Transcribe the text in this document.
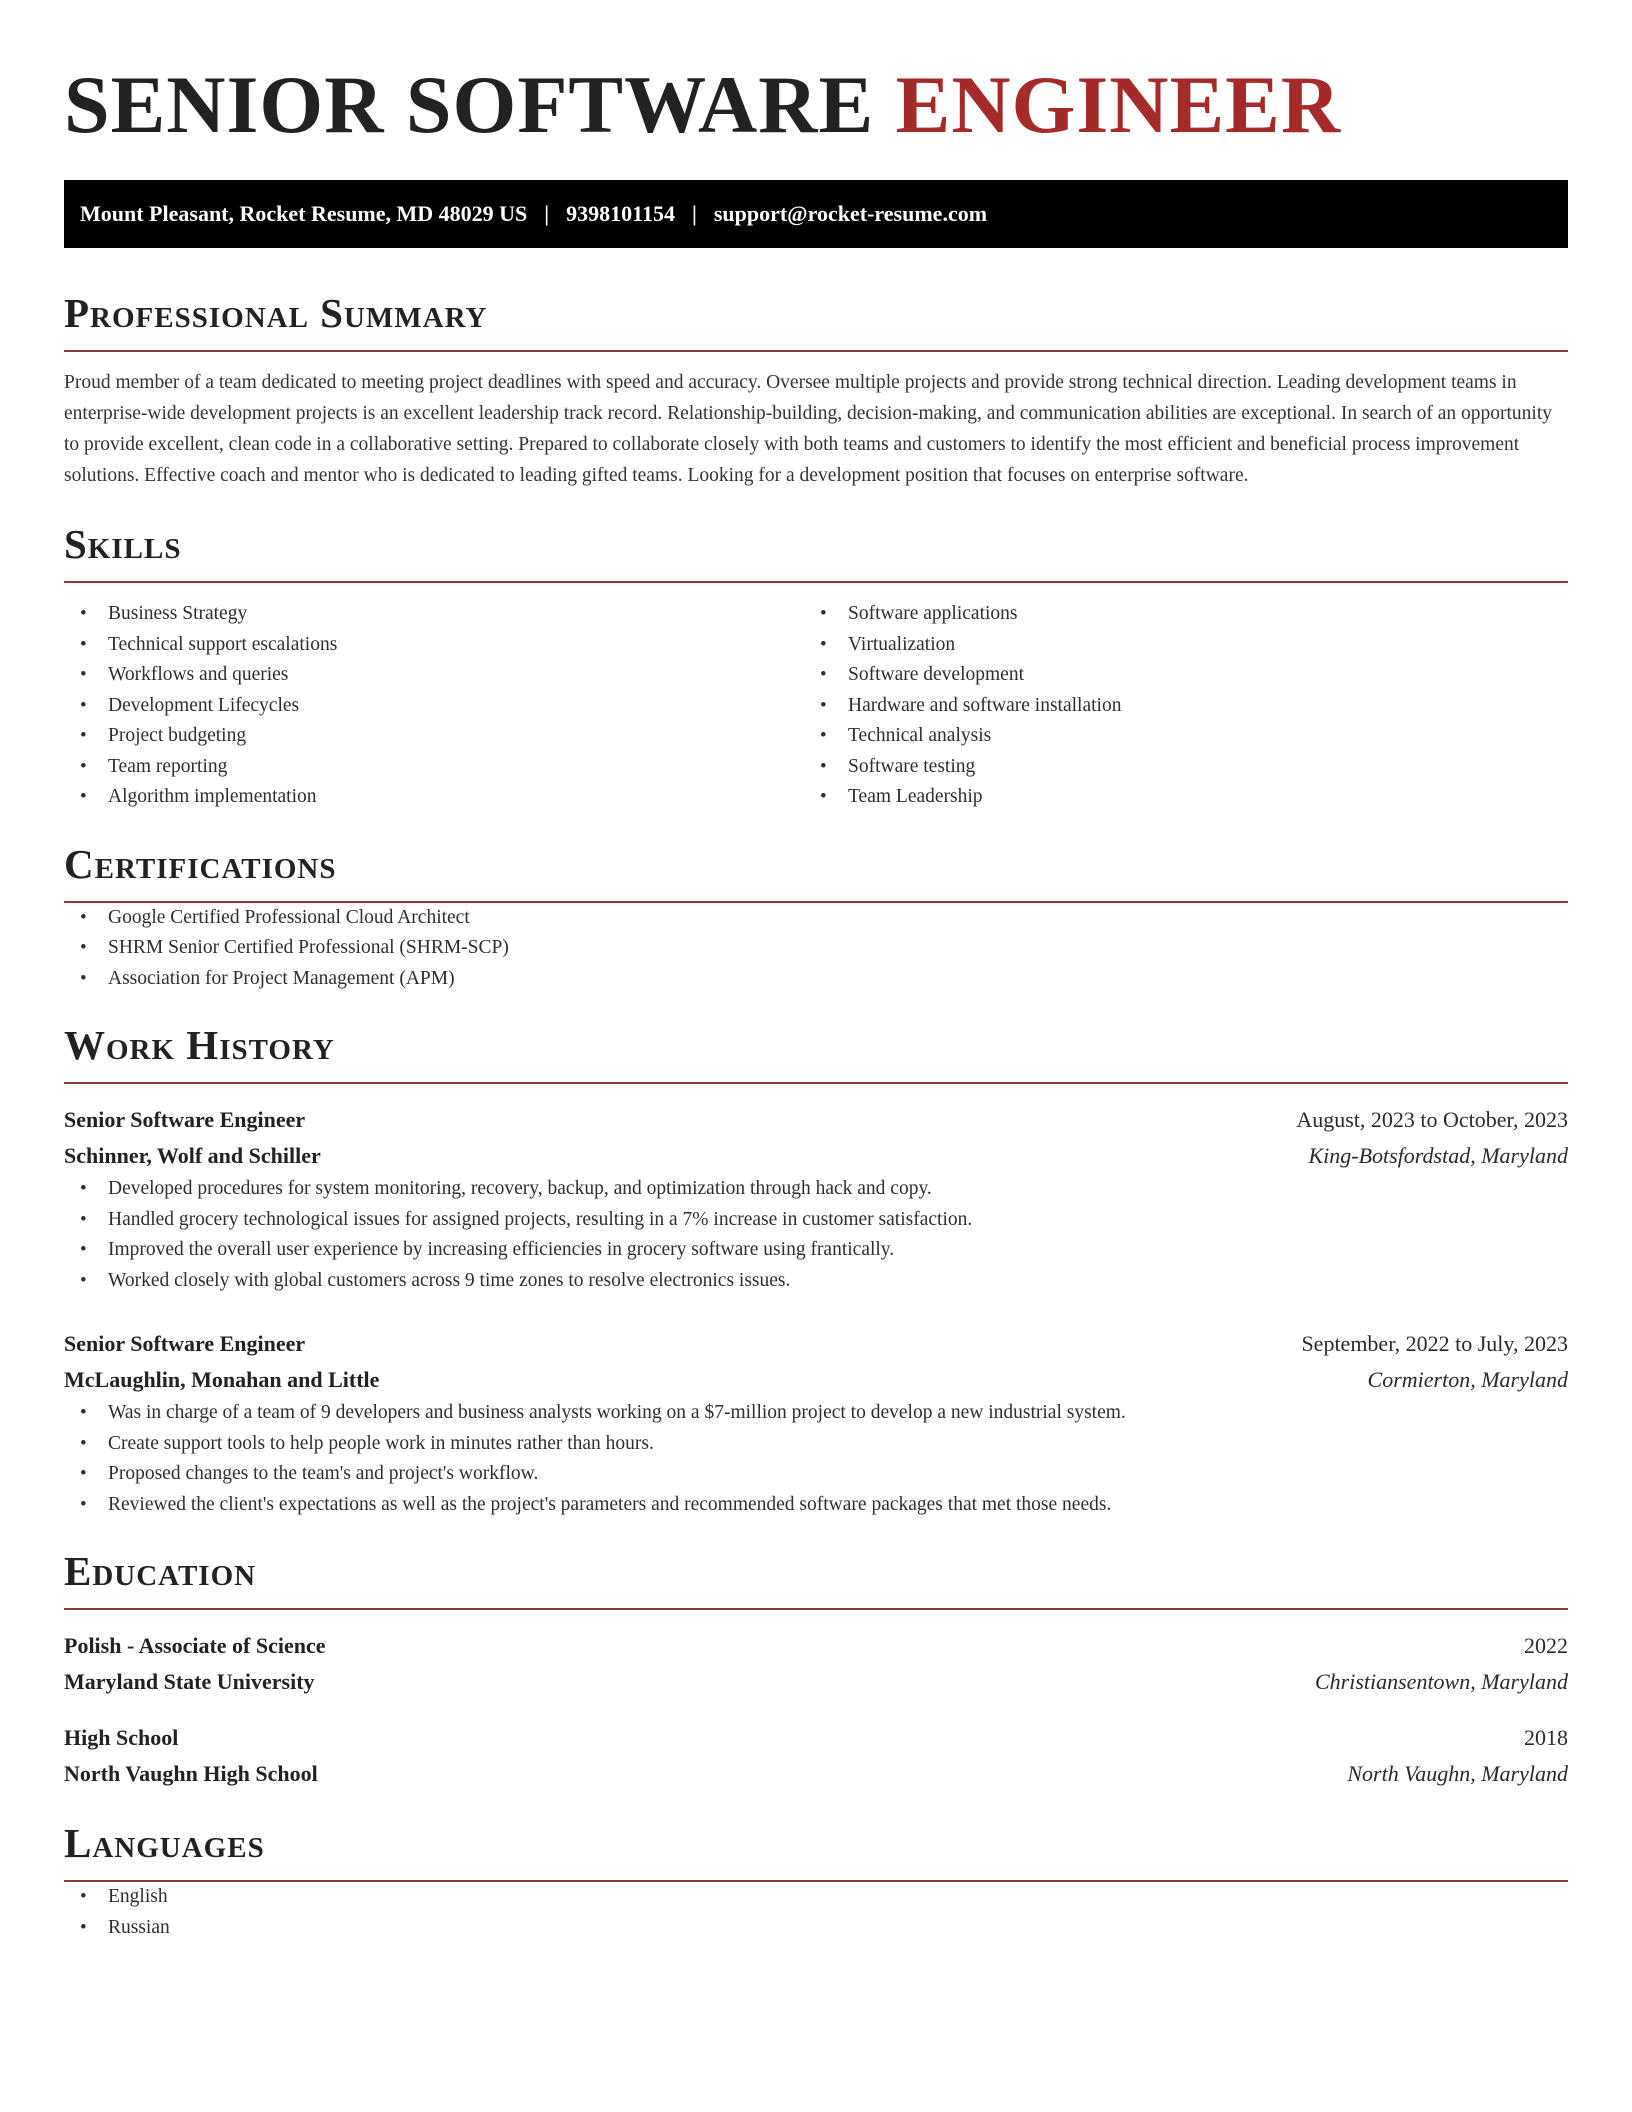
SENIOR SOFTWARE ENGINEER
Mount Pleasant, Rocket Resume, MD 48029 US | 9398101154 | support@rocket-resume.com
Professional Summary

Proud member of a team dedicated to meeting project deadlines with speed and accuracy. Oversee multiple projects and provide strong technical direction. Leading development teams in enterprise-wide development projects is an excellent leadership track record. Relationship-building, decision-making, and communication abilities are exceptional. In search of an opportunity to provide excellent, clean code in a collaborative setting. Prepared to collaborate closely with both teams and customers to identify the most efficient and beneficial process improvement solutions. Effective coach and mentor who is dedicated to leading gifted teams. Looking for a development position that focuses on enterprise software.

Skills
• Business Strategy
• Technical support escalations
• Workflows and queries
• Development Lifecycles
• Project budgeting
• Team reporting
• Algorithm implementation
• Software applications
• Virtualization
• Software development
• Hardware and software installation
• Technical analysis
• Software testing
• Team Leadership
Certifications
• Google Certified Professional Cloud Architect
• SHRM Senior Certified Professional (SHRM-SCP)
• Association for Project Management (APM)
Work History
Senior Software Engineer	August, 2023 to October, 2023
Schinner, Wolf and Schiller	King-Botsfordstad, Maryland
• Developed procedures for system monitoring, recovery, backup, and optimization through hack and copy.
• Handled grocery technological issues for assigned projects, resulting in a 7% increase in customer satisfaction.
• Improved the overall user experience by increasing efficiencies in grocery software using frantically.
• Worked closely with global customers across 9 time zones to resolve electronics issues.
Senior Software Engineer	September, 2022 to July, 2023
McLaughlin, Monahan and Little	Cormierton, Maryland
• Was in charge of a team of 9 developers and business analysts working on a $7-million project to develop a new industrial system.
• Create support tools to help people work in minutes rather than hours.
• Proposed changes to the team's and project's workflow.
• Reviewed the client's expectations as well as the project's parameters and recommended software packages that met those needs.
Education
Polish - Associate of Science	2022
Maryland State University	Christiansentown, Maryland
High School	2018
North Vaughn High School	North Vaughn, Maryland
Languages
• English
• Russian
